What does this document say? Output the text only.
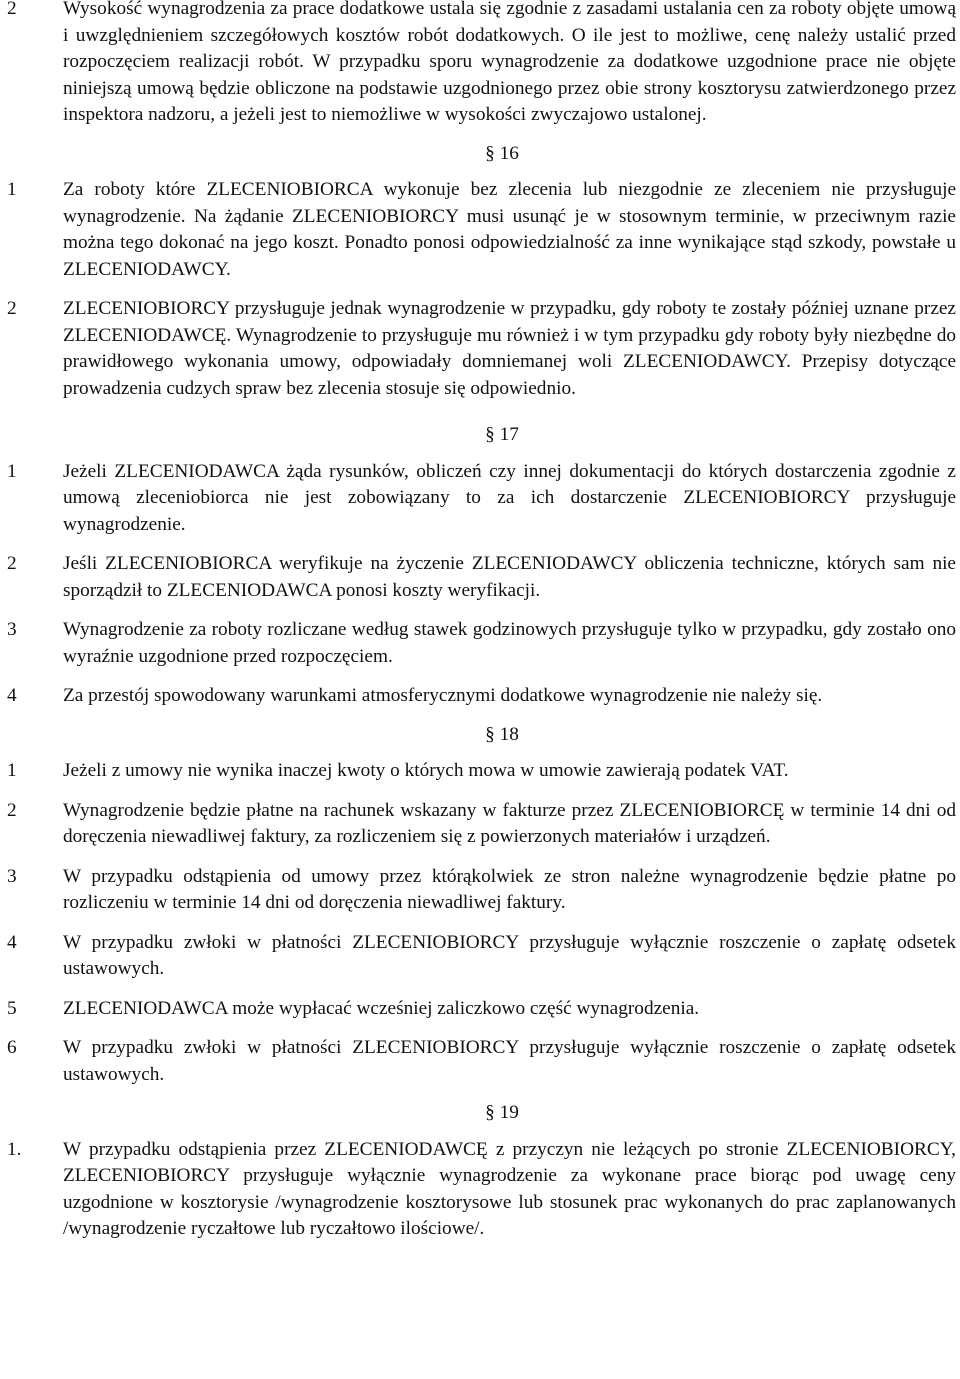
2	Wysokość wynagrodzenia za prace dodatkowe ustala się zgodnie z zasadami ustalania cen za roboty objęte umową i uwzględnieniem szczegółowych kosztów robót dodatkowych. O ile jest to możliwe, cenę należy ustalić przed rozpoczęciem realizacji robót. W przypadku sporu wynagrodzenie za dodatkowe uzgodnione prace nie objęte niniejszą umową będzie obliczone na podstawie uzgodnionego przez obie strony kosztorysu zatwierdzonego przez inspektora nadzoru, a jeżeli jest to niemożliwe w wysokości zwyczajowo ustalonej.
§ 16
1	Za roboty które ZLECENIOBIORCA wykonuje bez zlecenia lub niezgodnie ze zleceniem nie przysługuje wynagrodzenie. Na żądanie ZLECENIOBIORCY musi usunąć je w stosownym terminie, w przeciwnym razie można tego dokonać na jego koszt. Ponadto ponosi odpowiedzialność za inne wynikające stąd szkody, powstałe u ZLECENIODAWCY.
2	ZLECENIOBIORCY przysługuje jednak wynagrodzenie w przypadku, gdy roboty te zostały później uznane przez ZLECENIODAWCĘ. Wynagrodzenie to przysługuje mu również i w tym przypadku gdy roboty były niezbędne do prawidłowego wykonania umowy, odpowiadały domniemanej woli ZLECENIODAWCY. Przepisy dotyczące prowadzenia cudzych spraw bez zlecenia stosuje się odpowiednio.
§ 17
1	Jeżeli ZLECENIODAWCA żąda rysunków, obliczeń czy innej dokumentacji do których dostarczenia zgodnie z umową zleceniobiorca nie jest zobowiązany to za ich dostarczenie ZLECENIOBIORCY przysługuje wynagrodzenie.
2	Jeśli ZLECENIOBIORCA weryfikuje na życzenie ZLECENIODAWCY obliczenia techniczne, których sam nie sporządził to ZLECENIODAWCA ponosi koszty weryfikacji.
3	Wynagrodzenie za roboty rozliczane według stawek godzinowych przysługuje tylko w przypadku, gdy zostało ono wyraźnie uzgodnione przed rozpoczęciem.
4	Za przestój spowodowany warunkami atmosferycznymi dodatkowe wynagrodzenie nie należy się.
§ 18
1	Jeżeli z umowy nie wynika inaczej kwoty o których mowa w umowie zawierają podatek VAT.
2	Wynagrodzenie będzie płatne na rachunek wskazany w fakturze przez ZLECENIOBIORCĘ w terminie 14 dni od doręczenia niewadliwej faktury, za rozliczeniem się z powierzonych materiałów i urządzeń.
3	W przypadku odstąpienia od umowy przez którąkolwiek ze stron należne wynagrodzenie będzie płatne po rozliczeniu w terminie 14 dni od doręczenia niewadliwej faktury.
4	W przypadku zwłoki w płatności ZLECENIOBIORCY przysługuje wyłącznie roszczenie o zapłatę odsetek ustawowych.
5	ZLECENIODAWCA może wypłacać wcześniej zaliczkowo część wynagrodzenia.
6	W przypadku zwłoki w płatności ZLECENIOBIORCY przysługuje wyłącznie roszczenie o zapłatę odsetek ustawowych.
§ 19
1.	W przypadku odstąpienia przez ZLECENIODAWCĘ z przyczyn nie leżących po stronie ZLECENIOBIORCY, ZLECENIOBIORCY przysługuje wyłącznie wynagrodzenie za wykonane prace biorąc pod uwagę ceny uzgodnione w kosztorysie /wynagrodzenie kosztorysowe lub stosunek prac wykonanych do prac zaplanowanych /wynagrodzenie ryczałtowe lub ryczałtowo ilościowe/.
